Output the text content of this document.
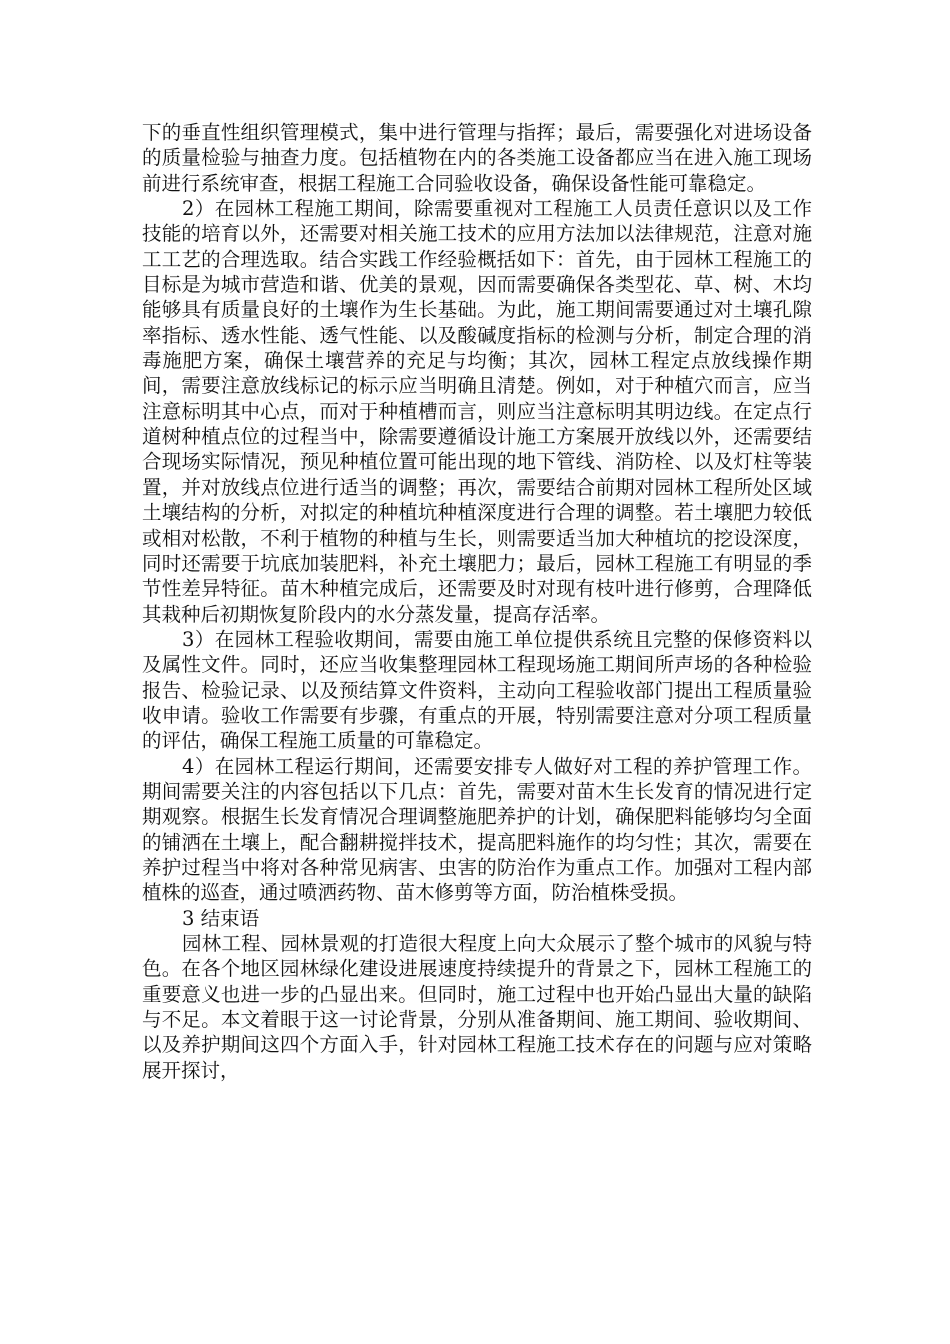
下的垂直性组织管理模式，集中进行管理与指挥；最后，需要强化对进场设备的质量检验与抽查力度。包括植物在内的各类施工设备都应当在进入施工现场前进行系统审查，根据工程施工合同验收设备，确保设备性能可靠稳定。

2）在园林工程施工期间，除需要重视对工程施工人员责任意识以及工作技能的培育以外，还需要对相关施工技术的应用方法加以法律规范，注意对施工工艺的合理选取。结合实践工作经验概括如下：首先，由于园林工程施工的目标是为城市营造和谐、优美的景观，因而需要确保各类型花、草、树、木均能够具有质量良好的土壤作为生长基础。为此，施工期间需要通过对土壤孔隙率指标、透水性能、透气性能、以及酸碱度指标的检测与分析，制定合理的消毒施肥方案，确保土壤营养的充足与均衡；其次，园林工程定点放线操作期间，需要注意放线标记的标示应当明确且清楚。例如，对于种植穴而言，应当注意标明其中心点，而对于种植槽而言，则应当注意标明其明边线。在定点行道树种植点位的过程当中，除需要遵循设计施工方案展开放线以外，还需要结合现场实际情况，预见种植位置可能出现的地下管线、消防栓、以及灯柱等装置，并对放线点位进行适当的调整；再次，需要结合前期对园林工程所处区域土壤结构的分析，对拟定的种植坑种植深度进行合理的调整。若土壤肥力较低或相对松散，不利于植物的种植与生长，则需要适当加大种植坑的挖设深度，同时还需要于坑底加装肥料，补充土壤肥力；最后，园林工程施工有明显的季节性差异特征。苗木种植完成后，还需要及时对现有枝叶进行修剪，合理降低其栽种后初期恢复阶段内的水分蒸发量，提高存活率。

3）在园林工程验收期间，需要由施工单位提供系统且完整的保修资料以及属性文件。同时，还应当收集整理园林工程现场施工期间所声场的各种检验报告、检验记录、以及预结算文件资料，主动向工程验收部门提出工程质量验收申请。验收工作需要有步骤，有重点的开展，特别需要注意对分项工程质量的评估，确保工程施工质量的可靠稳定。

4）在园林工程运行期间，还需要安排专人做好对工程的养护管理工作。期间需要关注的内容包括以下几点：首先，需要对苗木生长发育的情况进行定期观察。根据生长发育情况合理调整施肥养护的计划，确保肥料能够均匀全面的铺洒在土壤上，配合翻耕搅拌技术，提高肥料施作的均匀性；其次，需要在养护过程当中将对各种常见病害、虫害的防治作为重点工作。加强对工程内部植株的巡查，通过喷洒药物、苗木修剪等方面，防治植株受损。

3 结束语

园林工程、园林景观的打造很大程度上向大众展示了整个城市的风貌与特色。在各个地区园林绿化建设进展速度持续提升的背景之下，园林工程施工的重要意义也进一步的凸显出来。但同时，施工过程中也开始凸显出大量的缺陷与不足。本文着眼于这一讨论背景，分别从准备期间、施工期间、验收期间、以及养护期间这四个方面入手，针对园林工程施工技术存在的问题与应对策略展开探讨，
